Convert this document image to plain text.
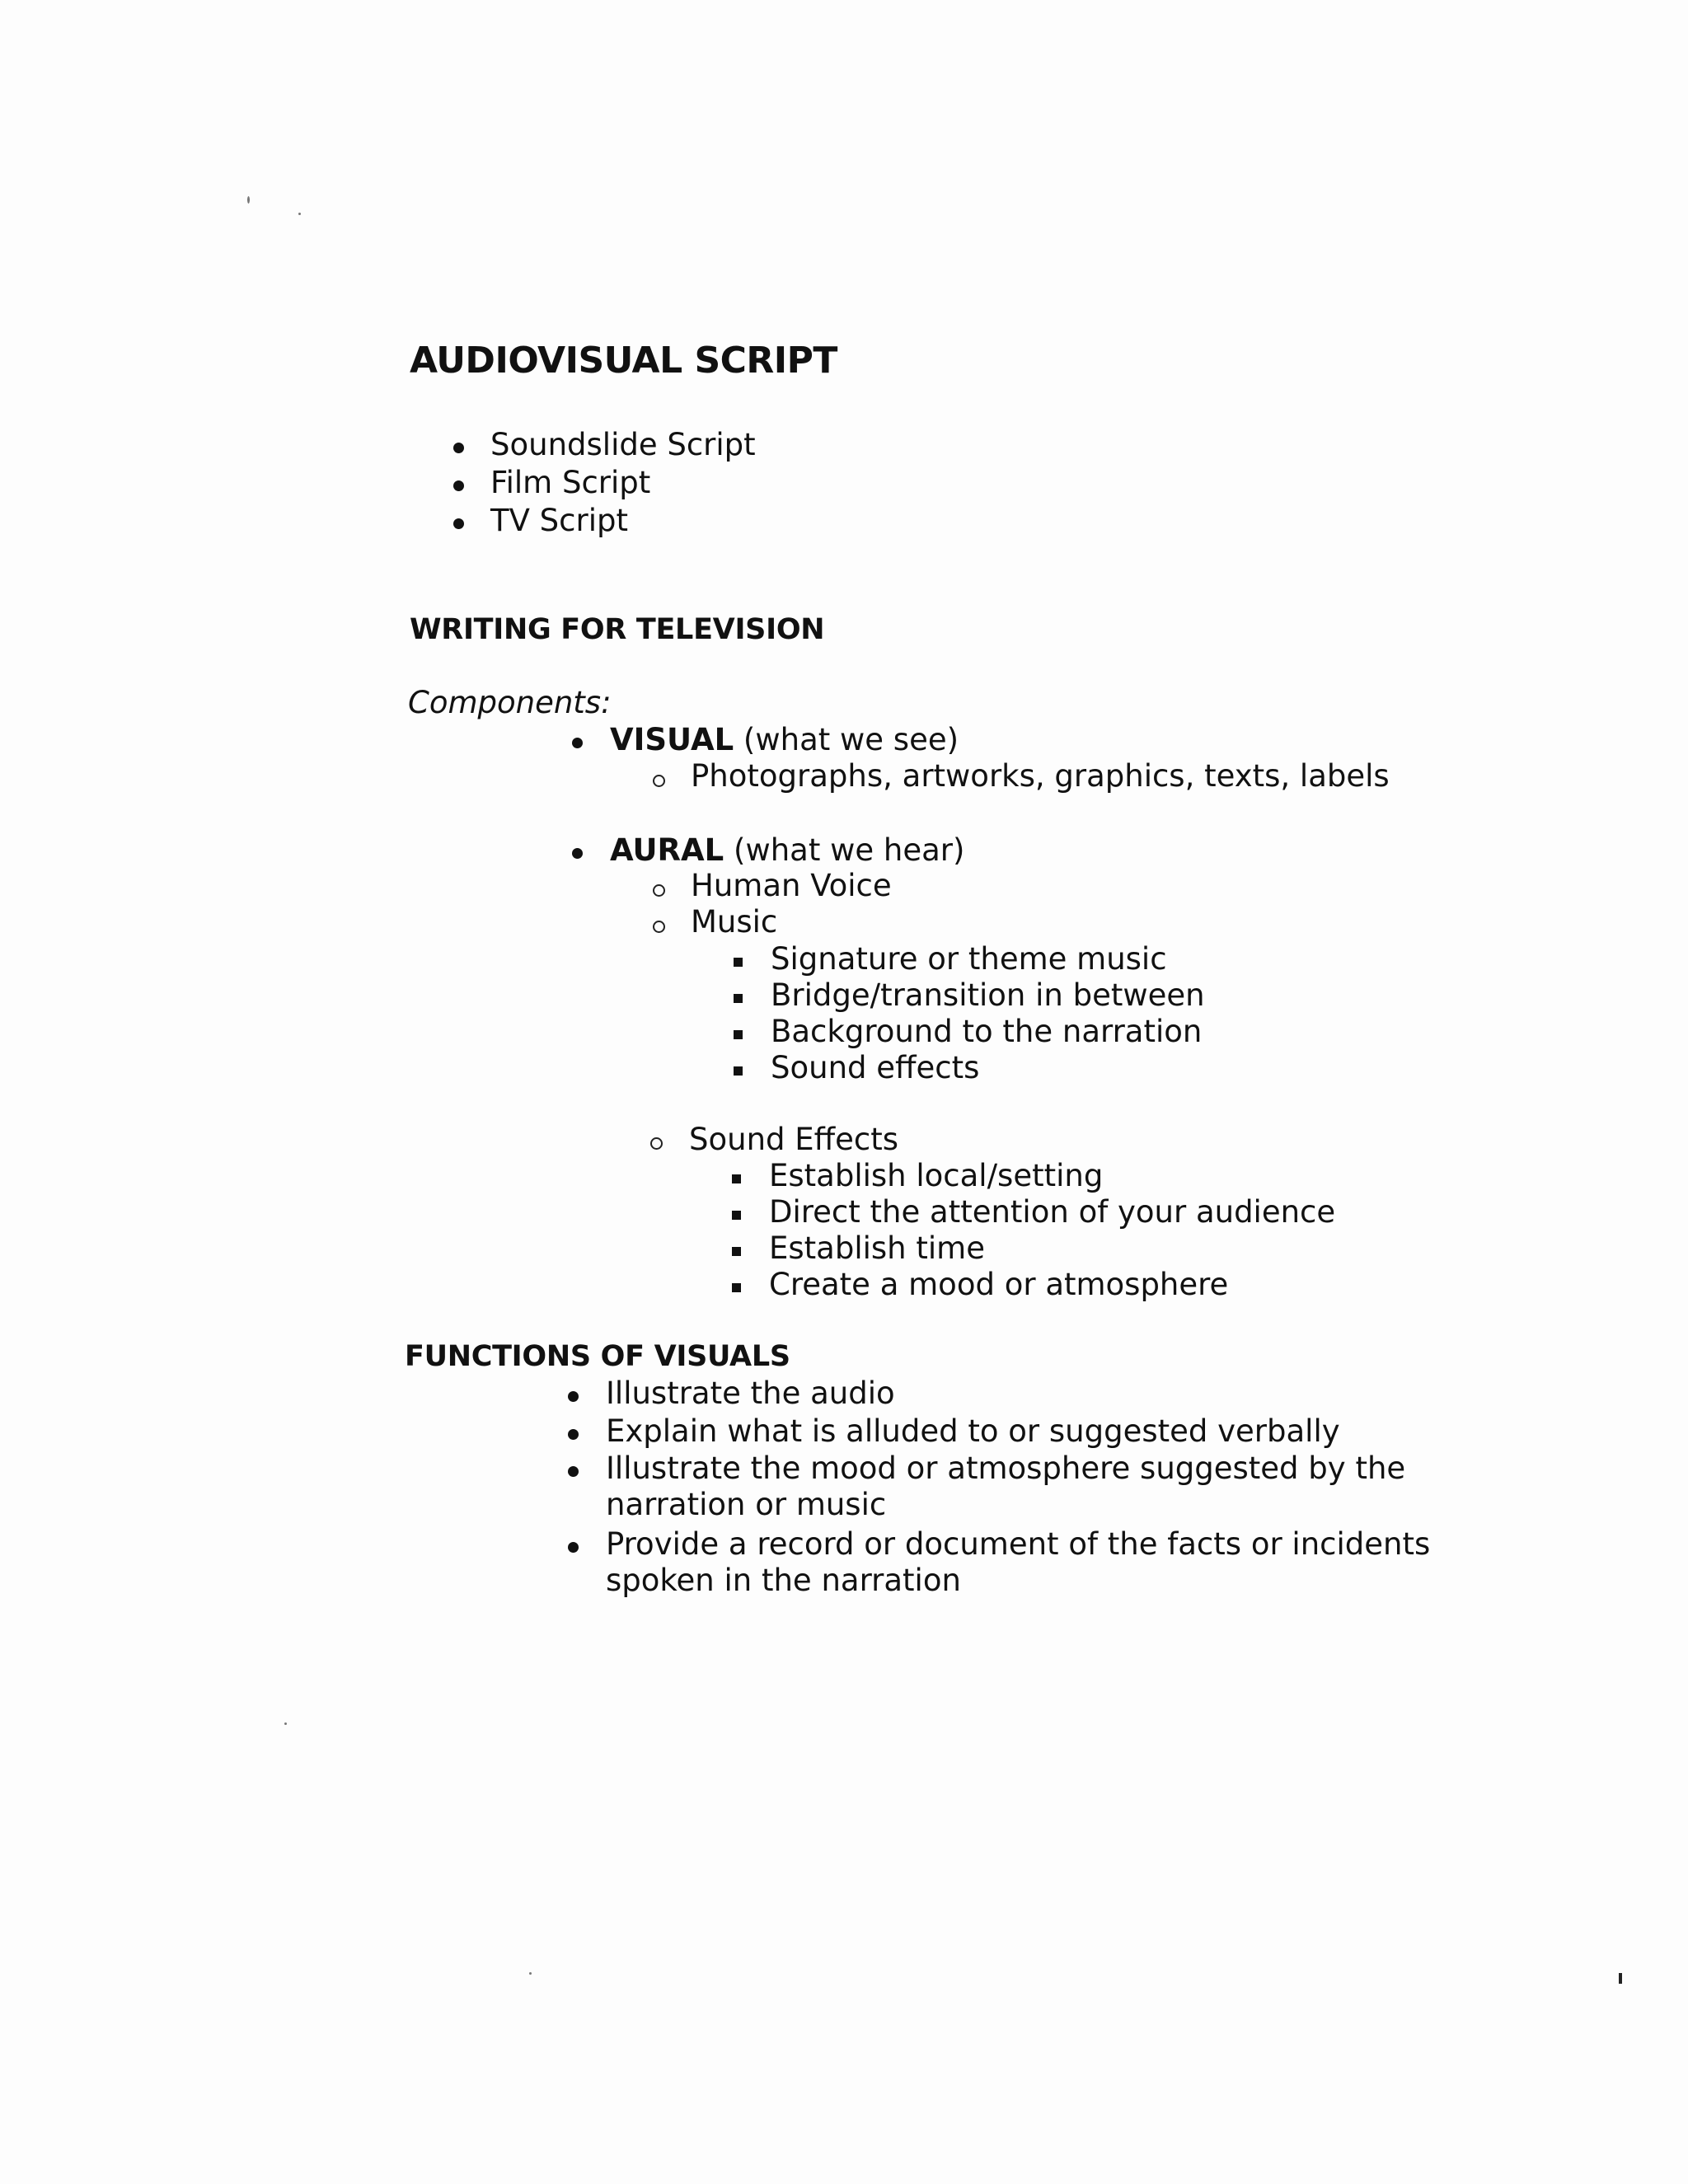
AUDIOVISUAL SCRIPT
Soundslide Script
Film Script
TV Script
WRITING FOR TELEVISION
Components:
VISUAL (what we see)
Photographs, artworks, graphics, texts, labels
AURAL (what we hear)
Human Voice
Music
Signature or theme music
Bridge/transition in between
Background to the narration
Sound effects
Sound Effects
Establish local/setting
Direct the attention of your audience
Establish time
Create a mood or atmosphere
FUNCTIONS OF VISUALS
Illustrate the audio
Explain what is alluded to or suggested verbally
Illustrate the mood or atmosphere suggested by the
narration or music
Provide a record or document of the facts or incidents
spoken in the narration
